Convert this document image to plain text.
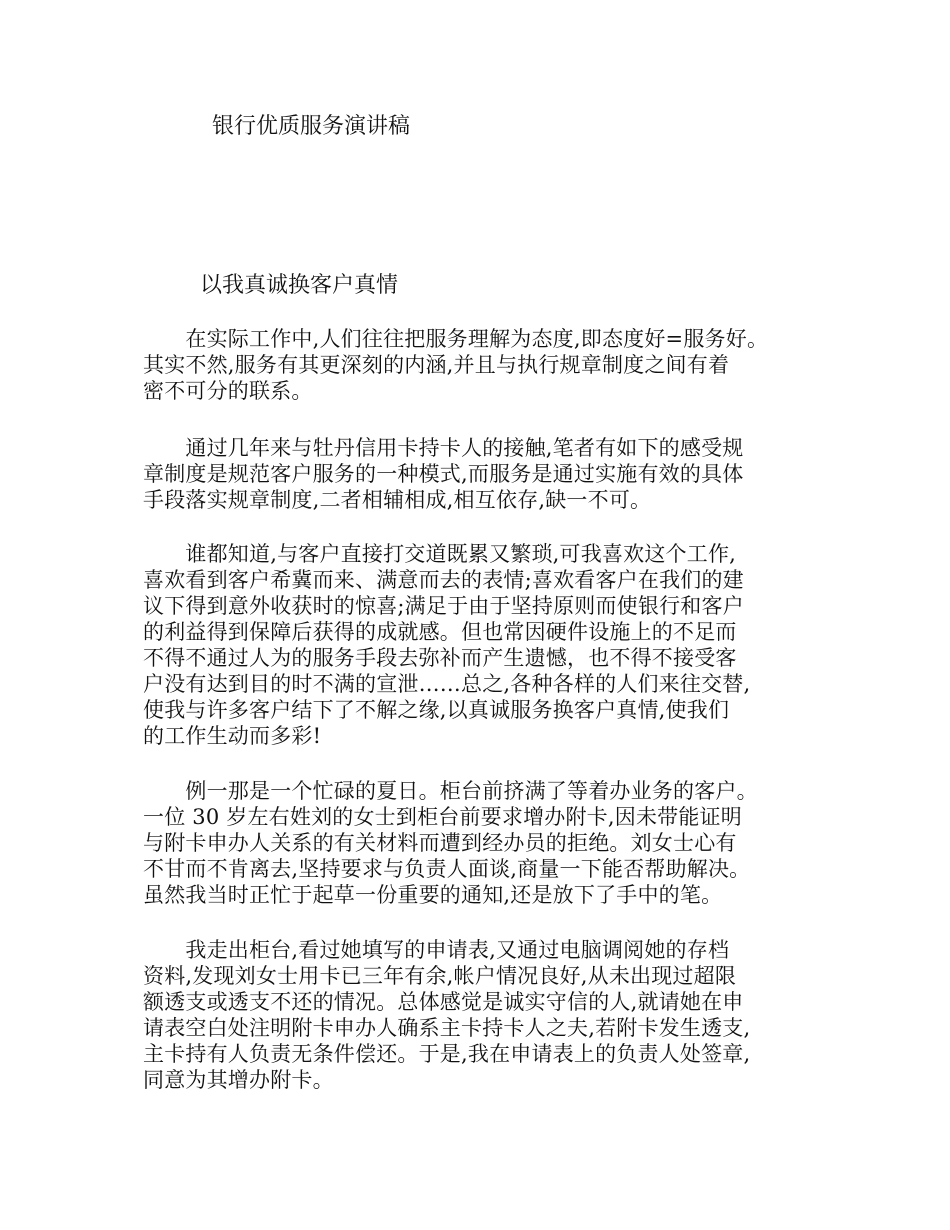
银行优质服务演讲稿
以我真诚换客户真情
　　在实际工作中,人们往往把服务理解为态度,即态度好=服务好。
其实不然,服务有其更深刻的内涵,并且与执行规章制度之间有着
密不可分的联系。
　　通过几年来与牡丹信用卡持卡人的接触,笔者有如下的感受规
章制度是规范客户服务的一种模式,而服务是通过实施有效的具体
手段落实规章制度,二者相辅相成,相互依存,缺一不可。
　　谁都知道,与客户直接打交道既累又繁琐,可我喜欢这个工作,
喜欢看到客户希冀而来、满意而去的表情;喜欢看客户在我们的建
议下得到意外收获时的惊喜;满足于由于坚持原则而使银行和客户
的利益得到保障后获得的成就感。但也常因硬件设施上的不足而
不得不通过人为的服务手段去弥补而产生遗憾，也不得不接受客
户没有达到目的时不满的宣泄……总之,各种各样的人们来往交替,
使我与许多客户结下了不解之缘,以真诚服务换客户真情,使我们
的工作生动而多彩!
　　例一那是一个忙碌的夏日。柜台前挤满了等着办业务的客户。
一位 30 岁左右姓刘的女士到柜台前要求增办附卡,因未带能证明
与附卡申办人关系的有关材料而遭到经办员的拒绝。刘女士心有
不甘而不肯离去,坚持要求与负责人面谈,商量一下能否帮助解决。
虽然我当时正忙于起草一份重要的通知,还是放下了手中的笔。
　　我走出柜台,看过她填写的申请表,又通过电脑调阅她的存档
资料,发现刘女士用卡已三年有余,帐户情况良好,从未出现过超限
额透支或透支不还的情况。总体感觉是诚实守信的人,就请她在申
请表空白处注明附卡申办人确系主卡持卡人之夫,若附卡发生透支,
主卡持有人负责无条件偿还。于是,我在申请表上的负责人处签章,
同意为其增办附卡。
